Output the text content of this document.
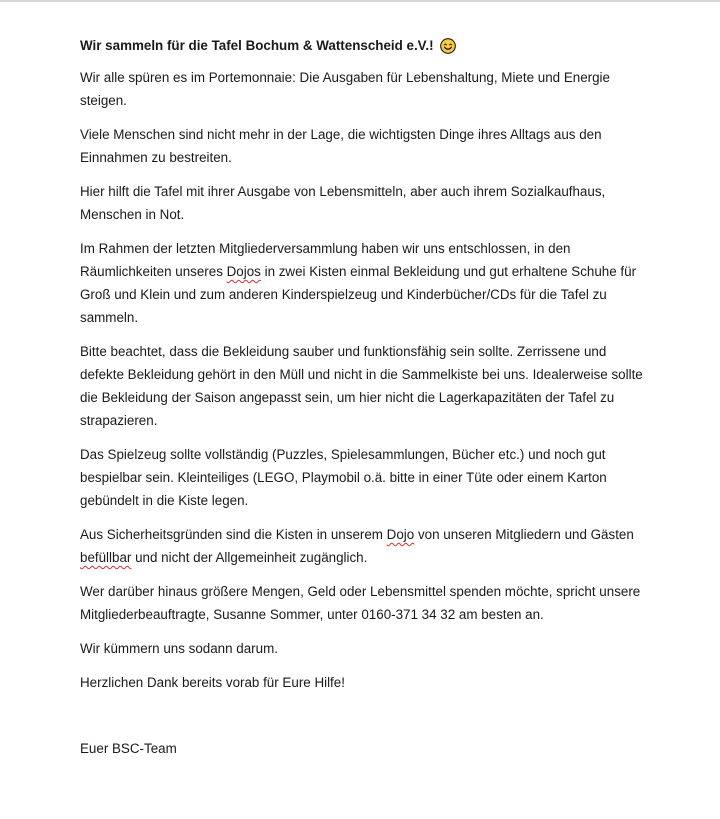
Wir sammeln für die Tafel Bochum & Wattenscheid e.V.!

Wir alle spüren es im Portemonnaie: Die Ausgaben für Lebenshaltung, Miete und Energie steigen.

Viele Menschen sind nicht mehr in der Lage, die wichtigsten Dinge ihres Alltags aus den Einnahmen zu bestreiten.

Hier hilft die Tafel mit ihrer Ausgabe von Lebensmitteln, aber auch ihrem Sozialkaufhaus, Menschen in Not.

Im Rahmen der letzten Mitgliederversammlung haben wir uns entschlossen, in den Räumlichkeiten unseres Dojos in zwei Kisten einmal Bekleidung und gut erhaltene Schuhe für Groß und Klein und zum anderen Kinderspielzeug und Kinderbücher/CDs für die Tafel zu sammeln.

Bitte beachtet, dass die Bekleidung sauber und funktionsfähig sein sollte. Zerrissene und defekte Bekleidung gehört in den Müll und nicht in die Sammelkiste bei uns. Idealerweise sollte die Bekleidung der Saison angepasst sein, um hier nicht die Lagerkapazitäten der Tafel zu strapazieren.

Das Spielzeug sollte vollständig (Puzzles, Spielesammlungen, Bücher etc.) und noch gut bespielbar sein. Kleinteiliges (LEGO, Playmobil o.ä. bitte in einer Tüte oder einem Karton gebündelt in die Kiste legen.

Aus Sicherheitsgründen sind die Kisten in unserem Dojo von unseren Mitgliedern und Gästen befüllbar und nicht der Allgemeinheit zugänglich.

Wer darüber hinaus größere Mengen, Geld oder Lebensmittel spenden möchte, spricht unsere Mitgliederbeauftragte, Susanne Sommer, unter 0160-371 34 32 am besten an.

Wir kümmern uns sodann darum.

Herzlichen Dank bereits vorab für Eure Hilfe!

Euer BSC-Team
